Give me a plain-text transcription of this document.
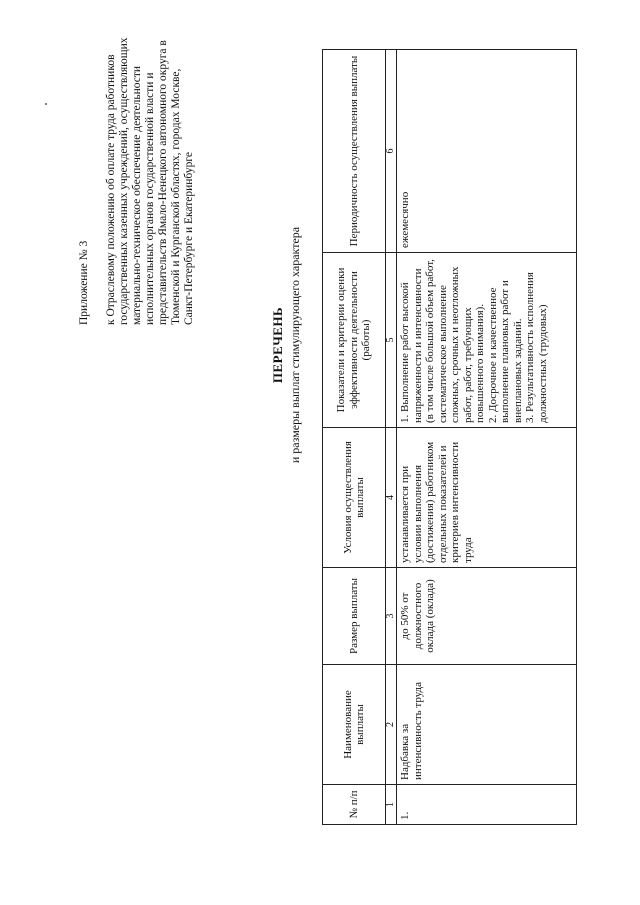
Приложение № 3 к Отраслевому положению об оплате труда работников государственных казенных учреждений, осуществляющих материально-техническое обеспечение деятельности исполнительных органов государственной власти и представительств Ямало-Ненецкого автономного округа в Тюменской и Курганской областях, городах Москве, Санкт-Петербурге и Екатеринбурге
ПЕРЕЧЕНЬ и размеры выплат стимулирующего характера
№ п/п	Наименование выплаты	Размер выплаты	Условия осуществления выплаты	Показатели и критерии оценки эффективности деятельности (работы)	Периодичность осуществления выплаты
1	2	3	4	5	6
1.	Надбавка за интенсивность труда	до 50% от должностного оклада (оклада)	устанавливается при условии выполнения (достижения) работником отдельных показателей и критериев интенсивности труда	1. Выполнение работ высокой напряженности и интенсивности (в том числе большой объем работ, систематическое выполнение сложных, срочных и неотложных работ, работ, требующих повышенного внимания). 2. Досрочное и качественное выполнение плановых работ и внеплановых заданий. 3. Результативность исполнения должностных (трудовых)	ежемесячно
